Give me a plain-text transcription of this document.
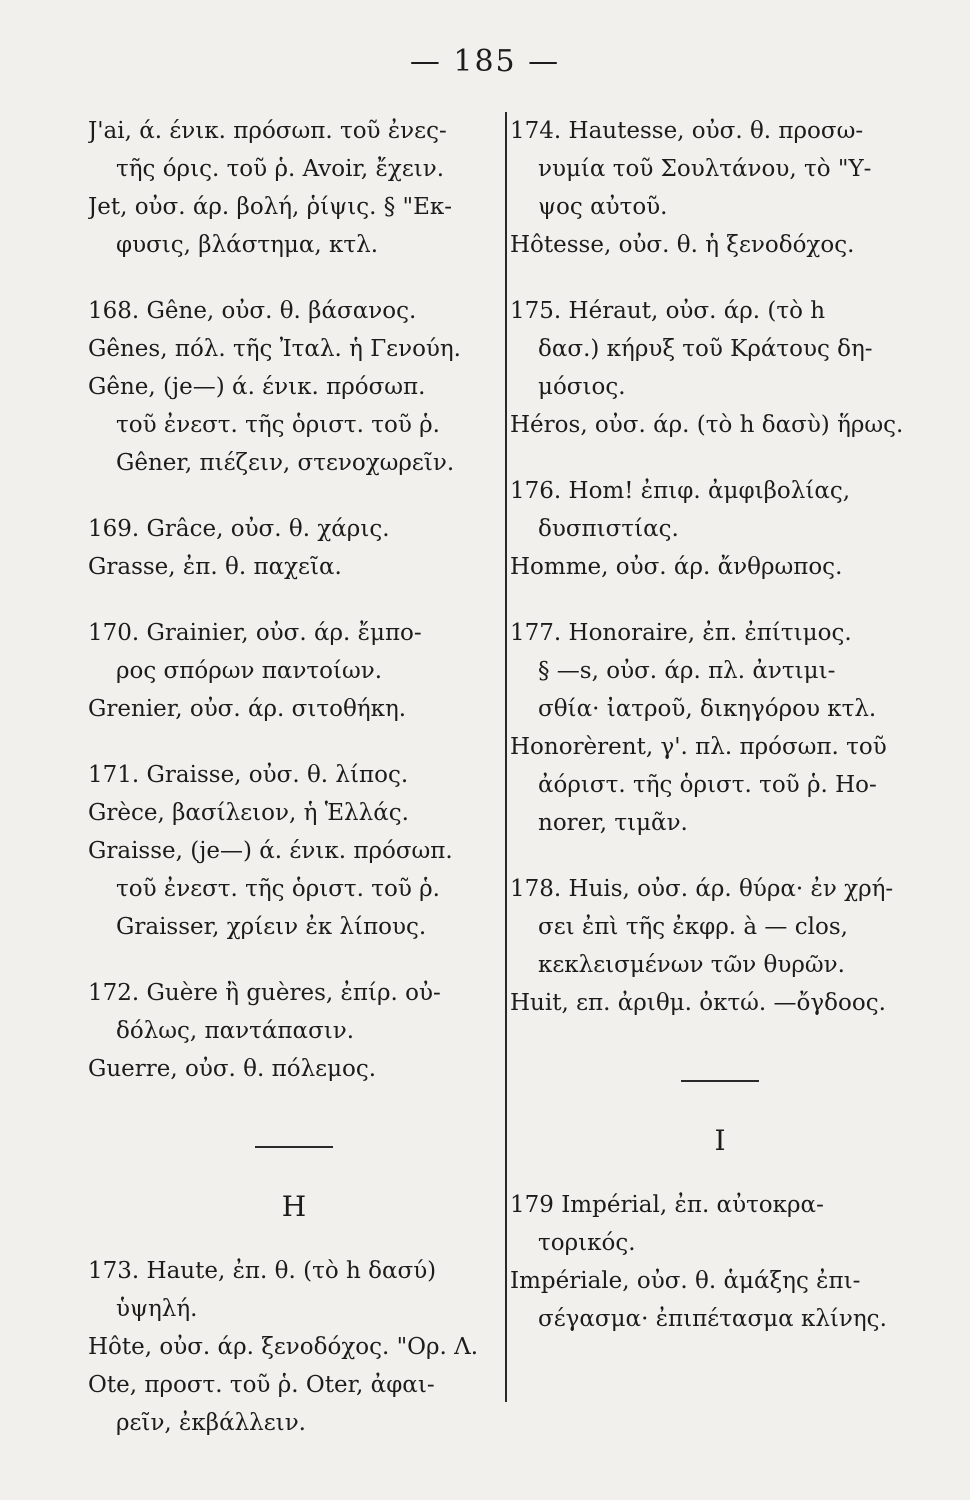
— 185 —
J'ai, ά. ένικ. πρόσωπ. τοῦ ἐνες-
τῆς όρις. τοῦ ῥ. Avoir, ἔχειν.
Jet, οὐσ. άρ. βολή, ῥίψις. § "Εκ-
φυσις, βλάστημα, κτλ.
168. Gêne, οὐσ. θ. βάσανος.
Gênes, πόλ. τῆς Ἰταλ. ἡ Γενούη.
Gêne, (je—) ά. ένικ. πρόσωπ.
τοῦ ἐνεστ. τῆς ὁριστ. τοῦ ῥ.
Gêner, πιέζειν, στενοχωρεῖν.
169. Grâce, οὐσ. θ. χάρις.
Grasse, ἐπ. θ. παχεῖα.
170. Grainier, οὐσ. άρ. ἔμπο-
ρος σπόρων παντοίων.
Grenier, οὐσ. άρ. σιτοθήκη.
171. Graisse, οὐσ. θ. λίπος.
Grèce, βασίλειον, ἡ Ἑλλάς.
Graisse, (je—) ά. ένικ. πρόσωπ.
τοῦ ἐνεστ. τῆς ὁριστ. τοῦ ῥ.
Graisser, χρίειν ἐκ λίπους.
172. Guère ἢ guères, ἐπίρ. οὐ-
δόλως, παντάπασιν.
Guerre, οὐσ. θ. πόλεμος.
H
173. Haute, ἐπ. θ. (τὸ h δασύ)
ὑψηλή.
Hôte, οὐσ. άρ. ξενοδόχος. "Ορ. Λ.
Ote, προστ. τοῦ ῥ. Oter, ἀφαι-
ρεῖν, ἐκβάλλειν.
174. Hautesse, οὐσ. θ. προσω-
νυμία τοῦ Σουλτάνου, τὸ "Υ-
ψος αὐτοῦ.
Hôtesse, οὐσ. θ. ἡ ξενοδόχος.
175. Héraut, οὐσ. άρ. (τὸ h
δασ.) κήρυξ τοῦ Κράτους δη-
μόσιος.
Héros, οὐσ. άρ. (τὸ h δασὺ) ἥρως.
176. Hom! ἐπιφ. ἀμφιβολίας,
δυσπιστίας.
Homme, οὐσ. άρ. ἄνθρωπος.
177. Honoraire, ἐπ. ἐπίτιμος.
§ —s, οὐσ. άρ. πλ. ἀντιμι-
σθία· ἰατροῦ, δικηγόρου κτλ.
Honorèrent, γ'. πλ. πρόσωπ. τοῦ
ἀόριστ. τῆς ὁριστ. τοῦ ῥ. Ho-
norer, τιμᾶν.
178. Huis, οὐσ. άρ. θύρα· ἐν χρή-
σει ἐπὶ τῆς ἐκφρ. à — clos,
κεκλεισμένων τῶν θυρῶν.
Huit, επ. ἀριθμ. ὀκτώ. —ὄγδοος.
I
179 Impérial, ἐπ. αὐτοκρα-
τορικός.
Impériale, οὐσ. θ. ἁμάξης ἐπι-
σέγασμα· ἐπιπέτασμα κλίνης.
